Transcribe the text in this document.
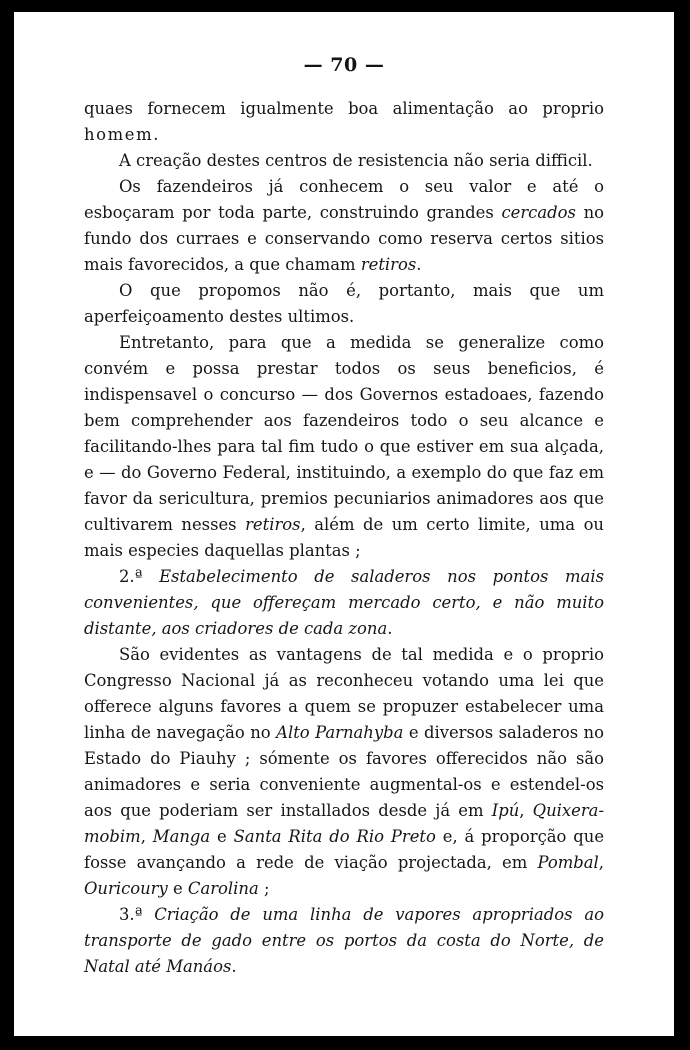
— 70 —

quaes fornecem igualmente boa alimentação ao proprio homem.

A creação destes centros de resistencia não seria difficil.

Os fazendeiros já conhecem o seu valor e até o esboçaram por toda parte, construindo grandes cercados no fundo dos curraes e conservando como reserva certos sitios mais favorecidos, a que chamam retiros.

O que propomos não é, portanto, mais que um aperfeiçoamento destes ultimos.

Entretanto, para que a medida se generalize como convém e possa prestar todos os seus beneficios, é indispensavel o concurso — dos Governos estadoaes, fazendo bem comprehender aos fazendeiros todo o seu alcance e facilitando-lhes para tal fim tudo o que estiver em sua alçada, e — do Governo Federal, instituindo, a exemplo do que faz em favor da sericultura, premios pecuniarios animadores aos que cultivarem nesses retiros, além de um certo limite, uma ou mais especies daquellas plantas ;

2.ª Estabelecimento de saladeros nos pontos mais convenientes, que offereçam mercado certo, e não muito distante, aos criadores de cada zona.

São evidentes as vantagens de tal medida e o proprio Congresso Nacional já as reconheceu votando uma lei que offerece alguns favores a quem se propuzer estabelecer uma linha de navegação no Alto Parnahyba e diversos saladeros no Estado do Piauhy ; sómente os favores offerecidos não são animadores e seria conveniente augmental-os e estendel-os aos que poderiam ser installados desde já em Ipú, Quixera-mobim, Manga e Santa Rita do Rio Preto e, á proporção que fosse avançando a rede de viação projectada, em Pombal, Ouricoury e Carolina ;

3.ª Criação de uma linha de vapores apropriados ao transporte de gado entre os portos da costa do Norte, de Natal até Manáos.
